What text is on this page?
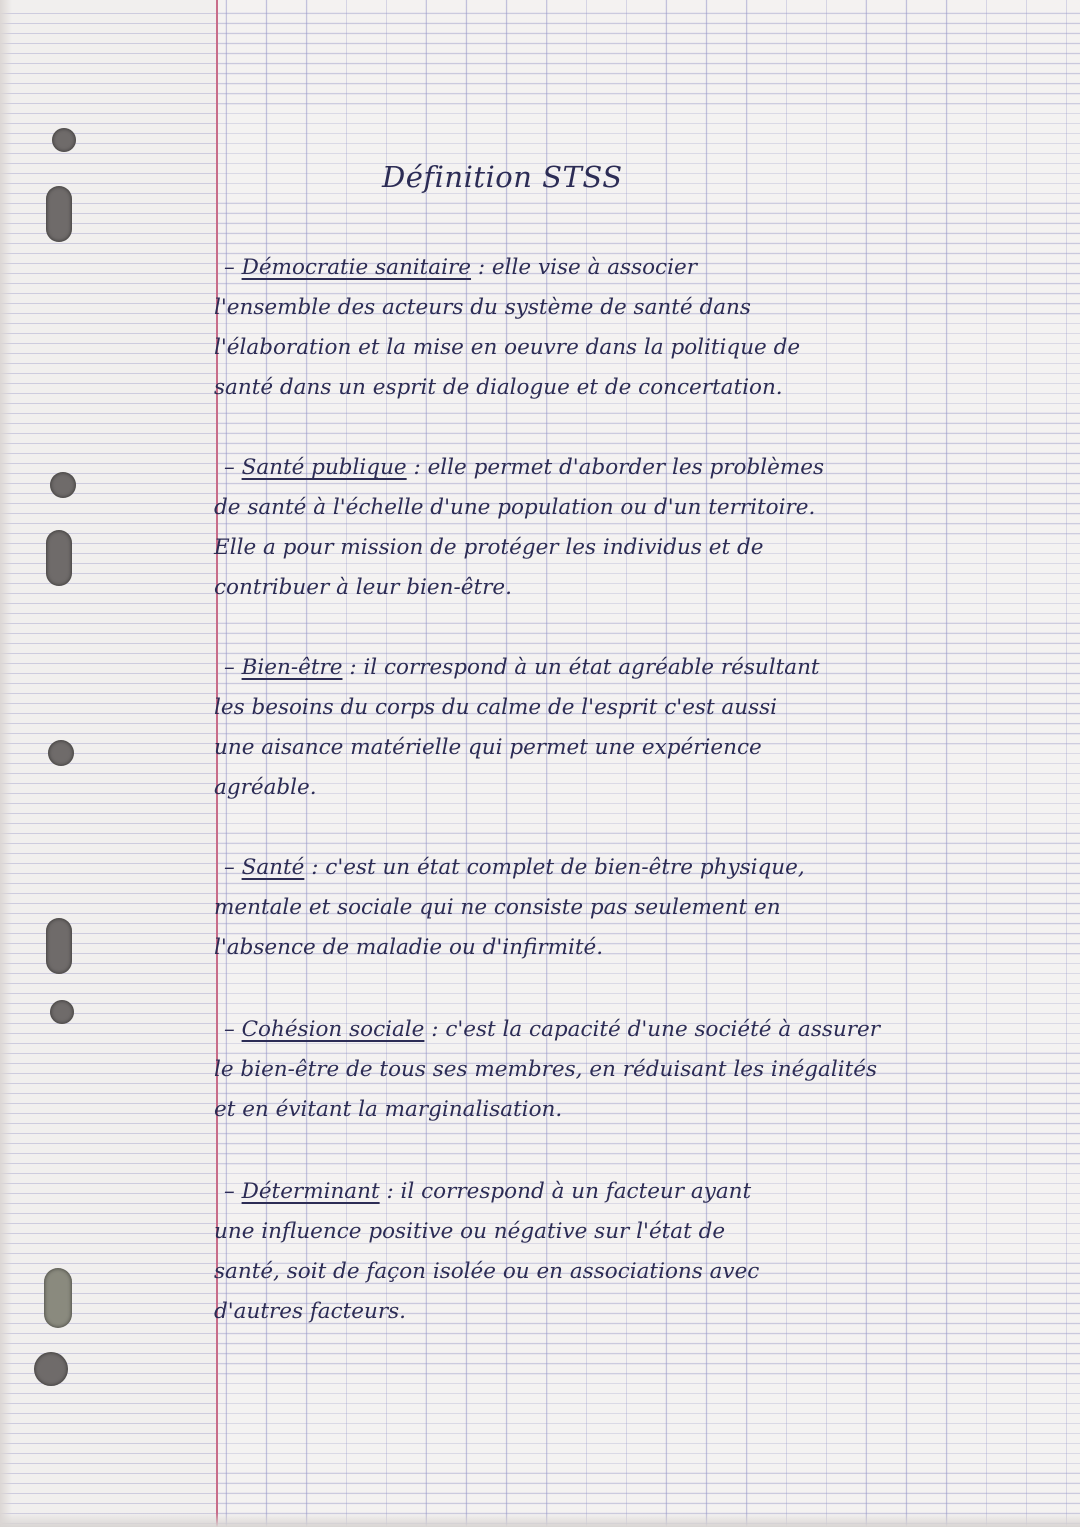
Définition STSS
– Démocratie sanitaire : elle vise à associer
l'ensemble des acteurs du système de santé dans
l'élaboration et la mise en oeuvre dans la politique de
santé dans un esprit de dialogue et de concertation.
– Santé publique : elle permet d'aborder les problèmes
de santé à l'échelle d'une population ou d'un territoire.
Elle a pour mission de protéger les individus et de
contribuer à leur bien-être.
– Bien-être : il correspond à un état agréable résultant
les besoins du corps du calme de l'esprit c'est aussi
une aisance matérielle qui permet une expérience
agréable.
– Santé : c'est un état complet de bien-être physique,
mentale et sociale qui ne consiste pas seulement en
l'absence de maladie ou d'infirmité.
– Cohésion sociale : c'est la capacité d'une société à assurer
le bien-être de tous ses membres, en réduisant les inégalités
et en évitant la marginalisation.
– Déterminant : il correspond à un facteur ayant
une influence positive ou négative sur l'état de
santé, soit de façon isolée ou en associations avec
d'autres facteurs.
